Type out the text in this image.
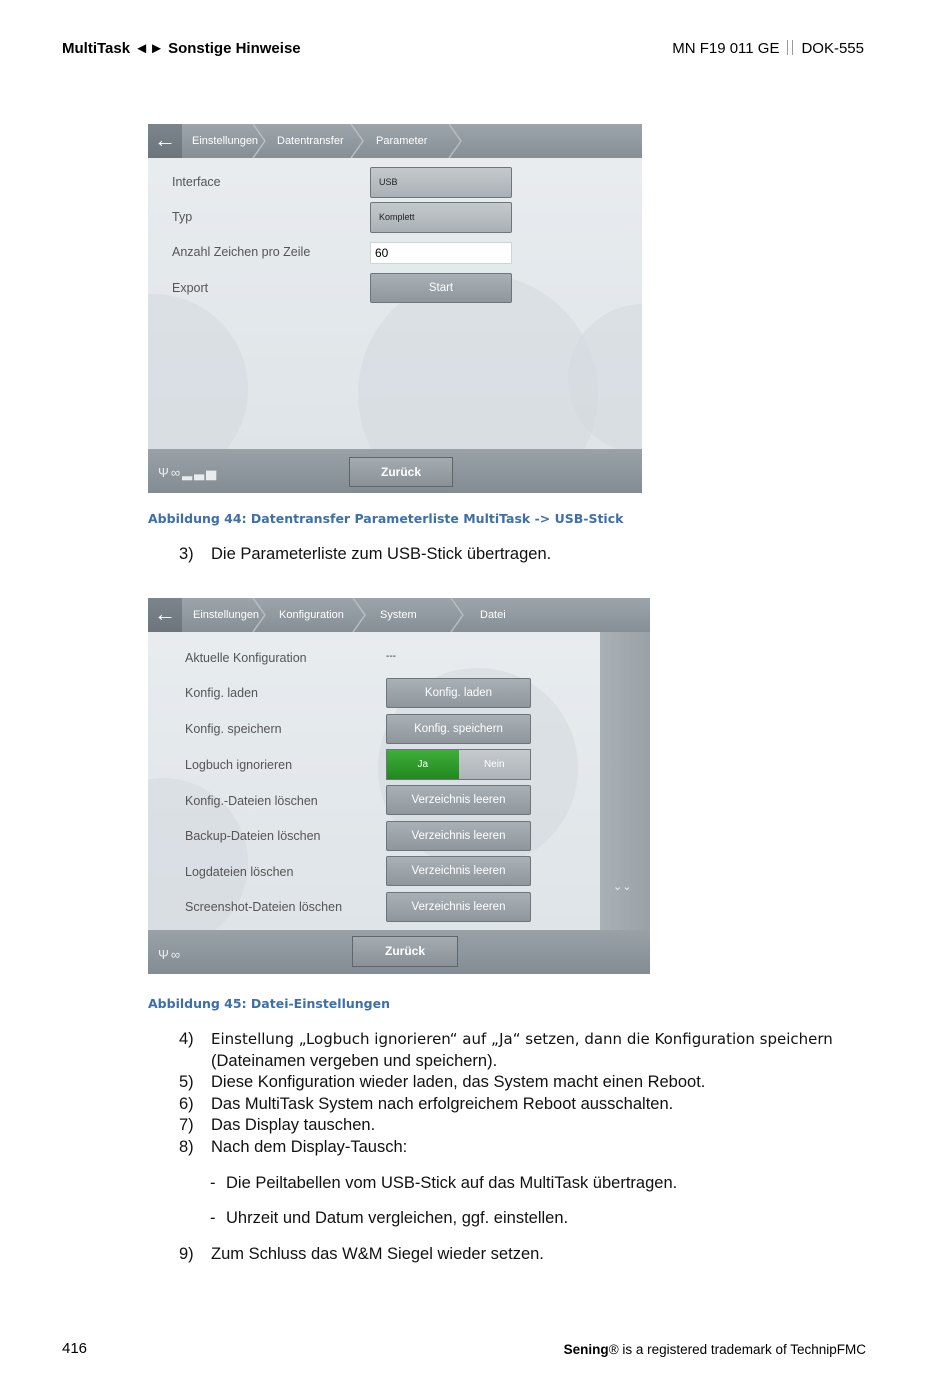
MultiTask ◄► Sonstige Hinweise	MN F19 011 GE DOK-555
←	Einstellungen	Datentransfer	Parameter
Interface	USB
Typ	Komplett
Anzahl Zeichen pro Zeile	60
Export	Start
Ψ∞▂▃▅	Zurück
Abbildung 44: Datentransfer Parameterliste MultiTask -> USB-Stick
3) Die Parameterliste zum USB-Stick übertragen.
←	Einstellungen	Konfiguration	System	Datei
⌄⌄
Aktuelle Konfiguration	---
Konfig. laden	Konfig. laden
Konfig. speichern	Konfig. speichern
Logbuch ignorieren	Ja	Nein
Konfig.-Dateien löschen	Verzeichnis leeren
Backup-Dateien löschen	Verzeichnis leeren
Logdateien löschen	Verzeichnis leeren
Screenshot-Dateien löschen	Verzeichnis leeren
Ψ∞	Zurück
Abbildung 45: Datei-Einstellungen
4) Einstellung „Logbuch ignorieren“ auf „Ja“ setzen, dann die Konfiguration speichern
(Dateinamen vergeben und speichern).
5) Diese Konfiguration wieder laden, das System macht einen Reboot.
6) Das MultiTask System nach erfolgreichem Reboot ausschalten.
7) Das Display tauschen.
8) Nach dem Display-Tausch:
- Die Peiltabellen vom USB-Stick auf das MultiTask übertragen.
- Uhrzeit und Datum vergleichen, ggf. einstellen.
9) Zum Schluss das W&M Siegel wieder setzen.
416	Sening® is a registered trademark of TechnipFMC
